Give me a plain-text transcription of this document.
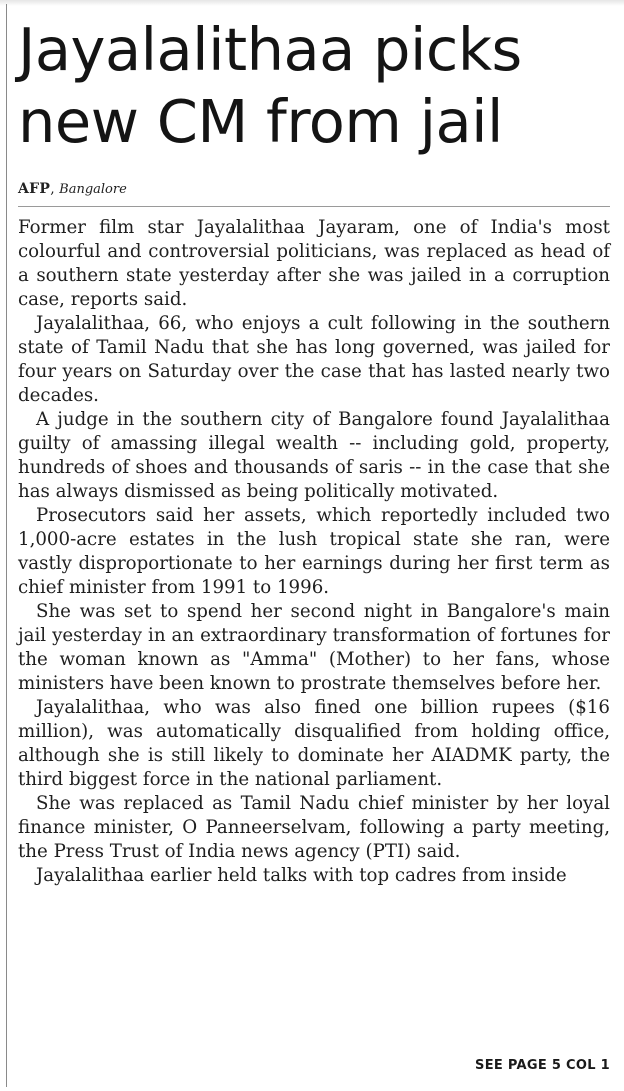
Jayalalithaa picks new CM from jail
AFP, Bangalore

Former film star Jayalalithaa Jayaram, one of India's most colourful and controversial politicians, was replaced as head of a southern state yesterday after she was jailed in a corruption case, reports said.

Jayalalithaa, 66, who enjoys a cult following in the southern state of Tamil Nadu that she has long governed, was jailed for four years on Saturday over the case that has lasted nearly two decades.

A judge in the southern city of Bangalore found Jayalalithaa guilty of amassing illegal wealth -- including gold, property, hundreds of shoes and thousands of saris -- in the case that she has always dismissed as being politically motivated.

Prosecutors said her assets, which reportedly included two 1,000-acre estates in the lush tropical state she ran, were vastly disproportionate to her earnings during her first term as chief minister from 1991 to 1996.

She was set to spend her second night in Bangalore's main jail yesterday in an extraordinary transformation of fortunes for the woman known as "Amma" (Mother) to her fans, whose ministers have been known to prostrate themselves before her.

Jayalalithaa, who was also fined one billion rupees ($16 million), was automatically disqualified from holding office, although she is still likely to dominate her AIADMK party, the third biggest force in the national parliament.

She was replaced as Tamil Nadu chief minister by her loyal finance minister, O Panneerselvam, following a party meeting, the Press Trust of India news agency (PTI) said.

Jayalalithaa earlier held talks with top cadres from inside

SEE PAGE 5 COL 1
